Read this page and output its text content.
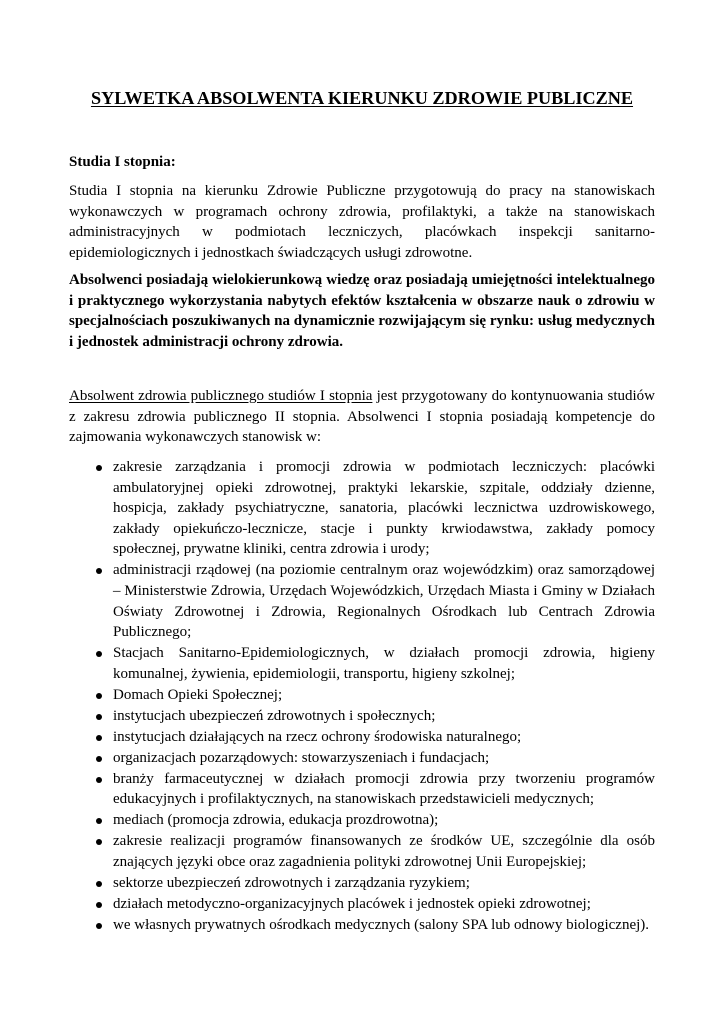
SYLWETKA ABSOLWENTA KIERUNKU ZDROWIE PUBLICZNE
Studia I stopnia:

Studia I stopnia na kierunku Zdrowie Publiczne przygotowują do pracy na stanowiskach wykonawczych w programach ochrony zdrowia, profilaktyki, a także na stanowiskach administracyjnych w podmiotach leczniczych, placówkach inspekcji sanitarno-epidemiologicznych i jednostkach świadczących usługi zdrowotne.

Absolwenci posiadają wielokierunkową wiedzę oraz posiadają umiejętności intelektualnego i praktycznego wykorzystania nabytych efektów kształcenia w obszarze nauk o zdrowiu w specjalnościach poszukiwanych na dynamicznie rozwijającym się rynku: usług medycznych i jednostek administracji ochrony zdrowia.

Absolwent zdrowia publicznego studiów I stopnia jest przygotowany do kontynuowania studiów z zakresu zdrowia publicznego II stopnia. Absolwenci I stopnia posiadają kompetencje do zajmowania wykonawczych stanowisk w:

zakresie zarządzania i promocji zdrowia w podmiotach leczniczych: placówki ambulatoryjnej opieki zdrowotnej, praktyki lekarskie, szpitale, oddziały dzienne, hospicja, zakłady psychiatryczne, sanatoria, placówki lecznictwa uzdrowiskowego, zakłady opiekuńczo-lecznicze, stacje i punkty krwiodawstwa, zakłady pomocy społecznej, prywatne kliniki, centra zdrowia i urody;
administracji rządowej (na poziomie centralnym oraz wojewódzkim) oraz samorządowej – Ministerstwie Zdrowia, Urzędach Wojewódzkich, Urzędach Miasta i Gminy w Działach Oświaty Zdrowotnej i Zdrowia, Regionalnych Ośrodkach lub Centrach Zdrowia Publicznego;
Stacjach Sanitarno-Epidemiologicznych, w działach promocji zdrowia, higieny komunalnej, żywienia, epidemiologii, transportu, higieny szkolnej;
Domach Opieki Społecznej;
instytucjach ubezpieczeń zdrowotnych i społecznych;
instytucjach działających na rzecz ochrony środowiska naturalnego;
organizacjach pozarządowych: stowarzyszeniach i fundacjach;
branży farmaceutycznej w działach promocji zdrowia przy tworzeniu programów edukacyjnych i profilaktycznych, na stanowiskach przedstawicieli medycznych;
mediach (promocja zdrowia, edukacja prozdrowotna);
zakresie realizacji programów finansowanych ze środków UE, szczególnie dla osób znających języki obce oraz zagadnienia polityki zdrowotnej Unii Europejskiej;
sektorze ubezpieczeń zdrowotnych i zarządzania ryzykiem;
działach metodyczno-organizacyjnych placówek i jednostek opieki zdrowotnej;
we własnych prywatnych ośrodkach medycznych (salony SPA lub odnowy biologicznej).
